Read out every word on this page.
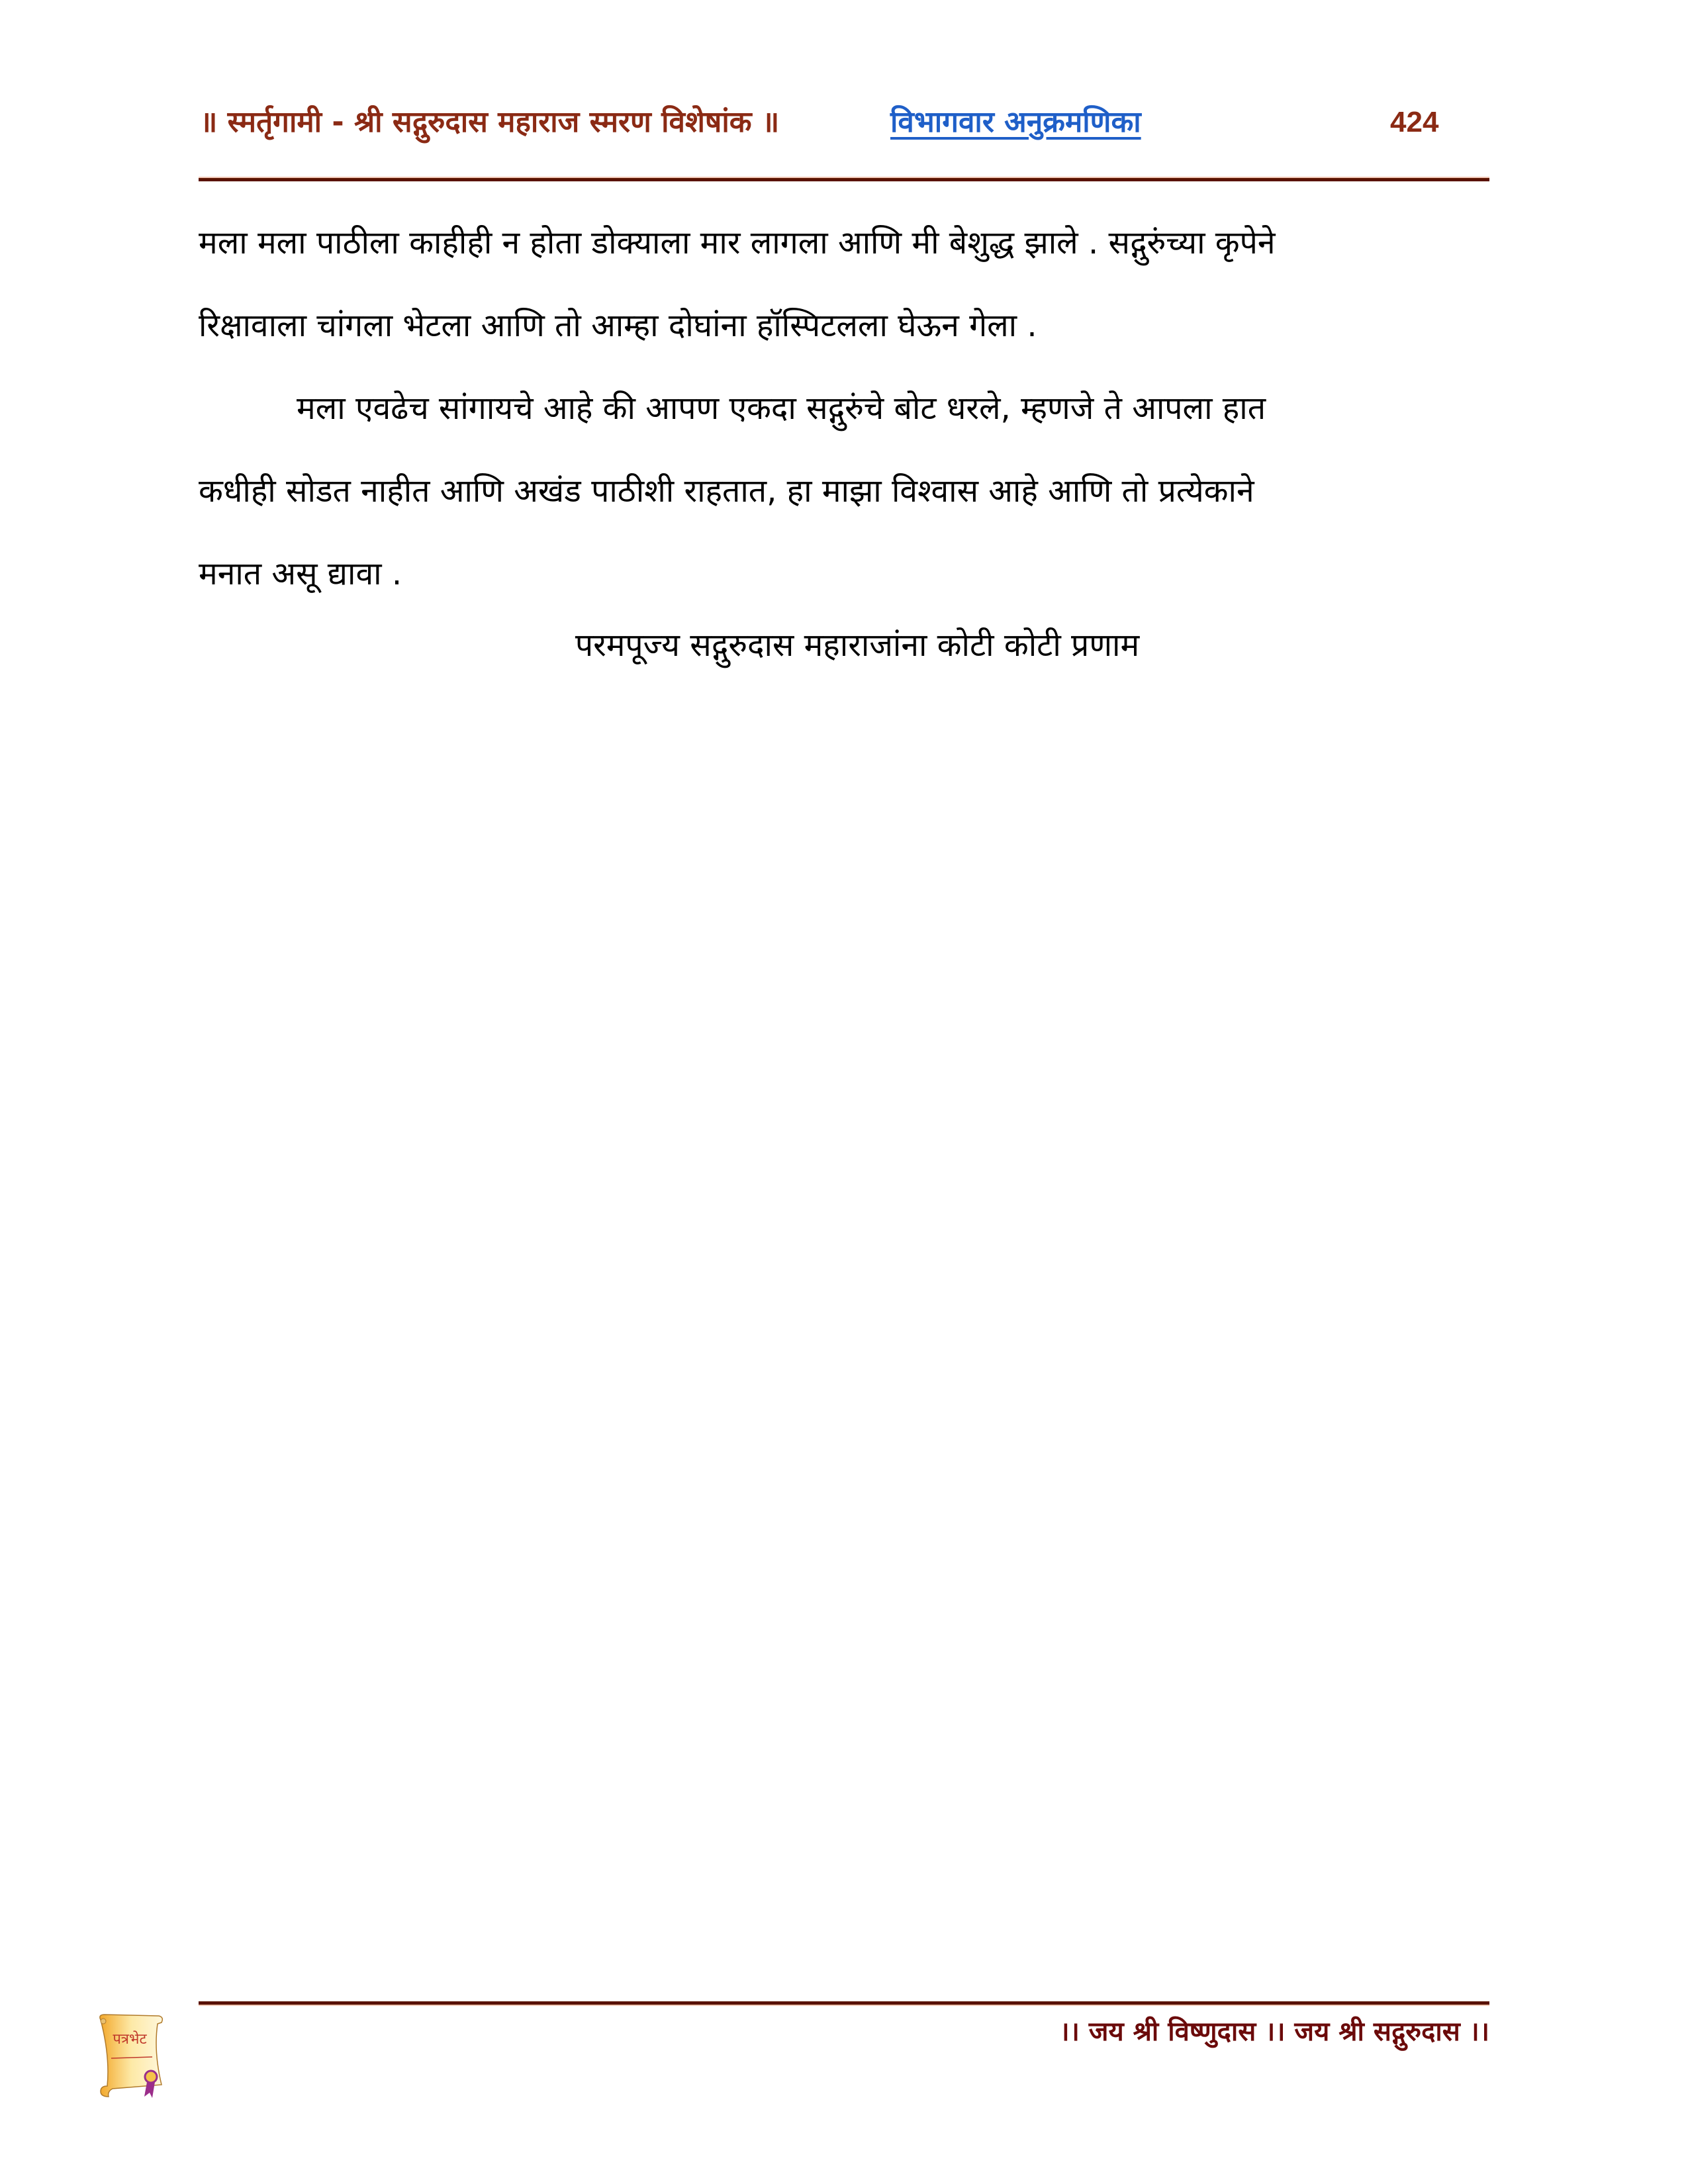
॥ स्मर्तृगामी - श्री सद्गुरुदास महाराज स्मरण विशेषांक ॥	विभागवार अनुक्रमणिका	424
मला मला पाठीला काहीही न होता डोक्याला मार लागला आणि मी बेशुद्ध झाले . सद्गुरुंच्या कृपेने
रिक्षावाला चांगला भेटला आणि तो आम्हा दोघांना हॉस्पिटलला घेऊन गेला .
मला एवढेच सांगायचे आहे की आपण एकदा सद्गुरुंचे बोट धरले, म्हणजे ते आपला हात
कधीही सोडत नाहीत आणि अखंड पाठीशी राहतात, हा माझा विश्वास आहे आणि तो प्रत्येकाने
मनात असू द्यावा .
परमपूज्य सद्गुरुदास महाराजांना कोटी कोटी प्रणाम
पत्रभेट	।। जय श्री विष्णुदास ।। जय श्री सद्गुरुदास ।।
